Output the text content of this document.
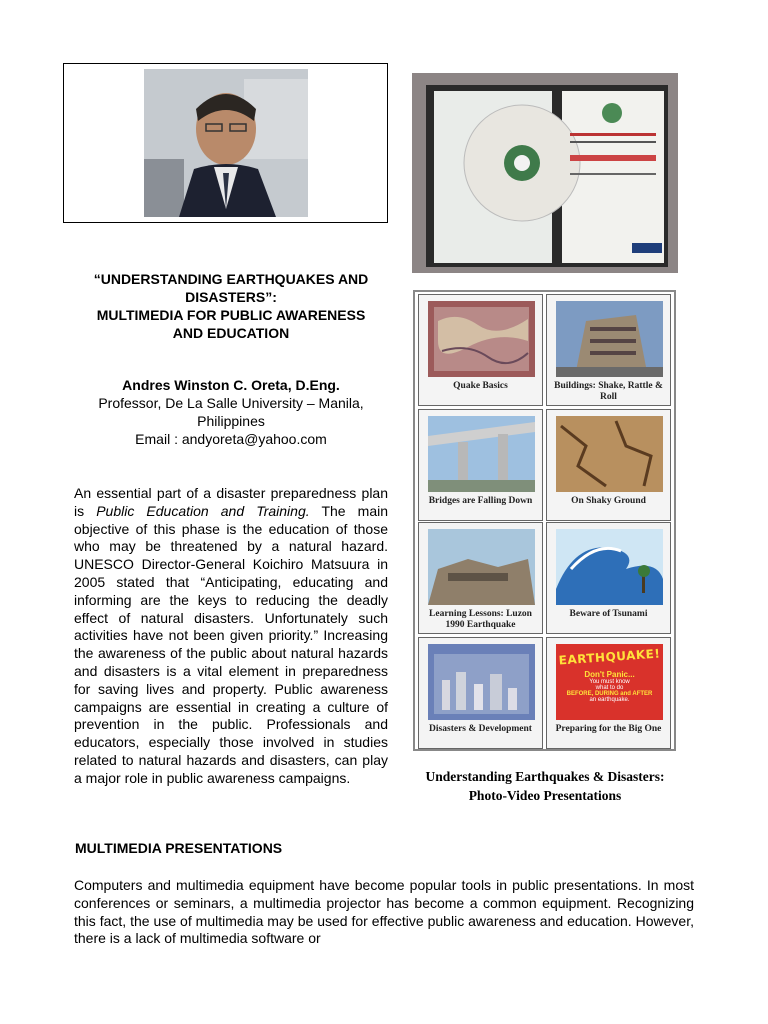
“UNDERSTANDING EARTHQUAKES AND
DISASTERS”:
MULTIMEDIA FOR PUBLIC AWARENESS
AND EDUCATION
Andres Winston C. Oreta, D.Eng.
Professor, De La Salle University – Manila,
Philippines
Email : andyoreta@yahoo.com
An essential part of a disaster preparedness plan is Public Education and Training. The main objective of this phase is the education of those who may be threatened by a natural hazard. UNESCO Director-General Koichiro Matsuura in 2005 stated that “Anticipating, educating and informing are the keys to reducing the deadly effect of natural disasters. Unfortunately such activities have not been given priority.” Increasing the awareness of the public about natural hazards and disasters is a vital element in preparedness for saving lives and property. Public awareness campaigns are essential in creating a culture of prevention in the public. Professionals and educators, especially those involved in studies related to natural hazards and disasters, can play a major role in public awareness campaigns.
Quake Basics	Buildings: Shake, Rattle & Roll
Bridges are Falling Down	On Shaky Ground
Learning Lessons: Luzon 1990 Earthquake
Beware of Tsunami
Disasters & Development
EARTHQUAKE!
Don't Panic...
You must know
what to do
BEFORE, DURING and AFTER
an earthquake.
Preparing for the Big One
Understanding Earthquakes & Disasters:
Photo-Video Presentations
MULTIMEDIA PRESENTATIONS
Computers and multimedia equipment have become popular tools in public presentations. In most conferences or seminars, a multimedia projector has become a common equipment. Recognizing this fact, the use of multimedia may be used for effective public awareness and education. However, there is a lack of multimedia software or
